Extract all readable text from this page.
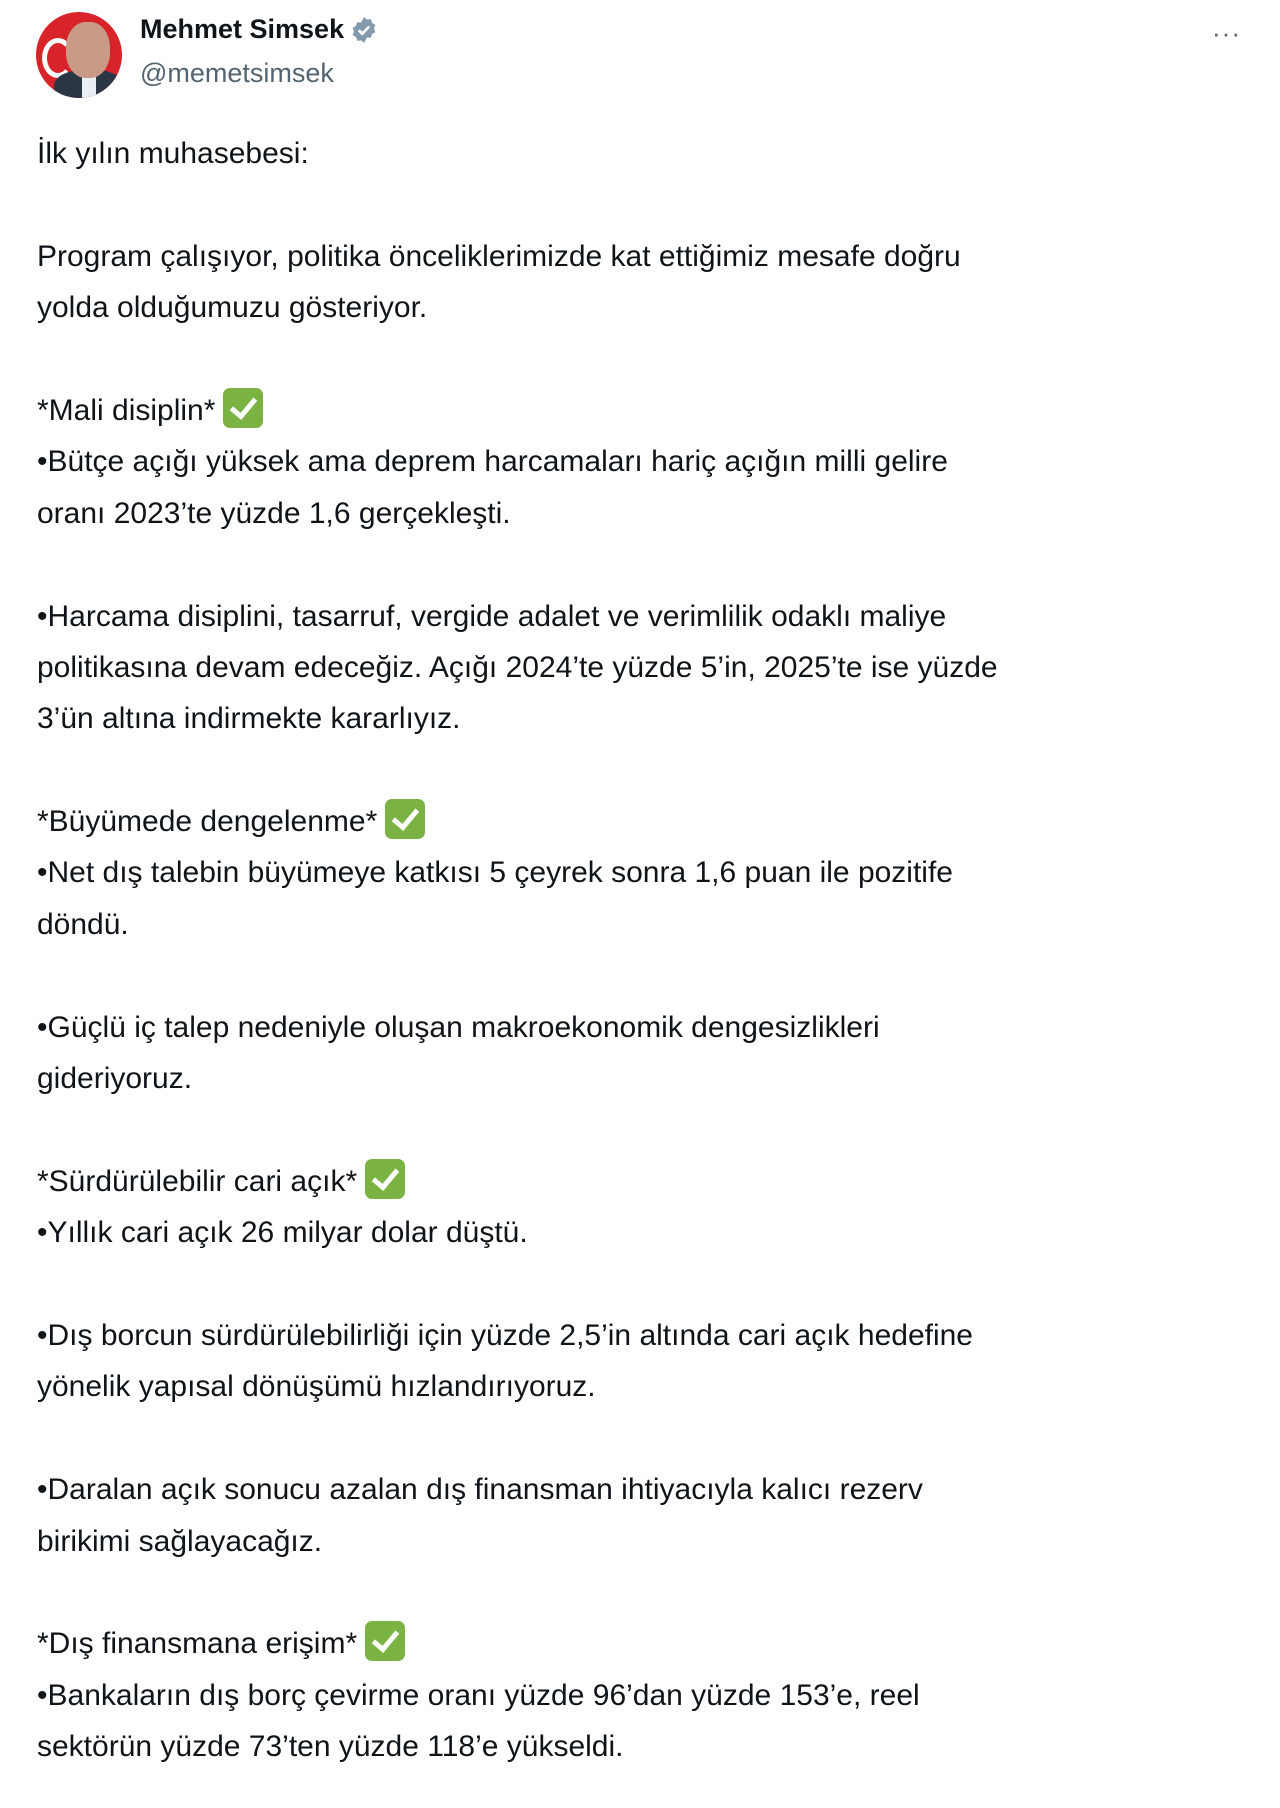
Mehmet Simsek
@memetsimsek
···
İlk yılın muhasebesi:
Program çalışıyor, politika önceliklerimizde kat ettiğimiz mesafe doğru
yolda olduğumuzu gösteriyor.
*Mali disiplin*
•Bütçe açığı yüksek ama deprem harcamaları hariç açığın milli gelire
oranı 2023’te yüzde 1,6 gerçekleşti.
•Harcama disiplini, tasarruf, vergide adalet ve verimlilik odaklı maliye
politikasına devam edeceğiz. Açığı 2024’te yüzde 5’in, 2025’te ise yüzde
3’ün altına indirmekte kararlıyız.
*Büyümede dengelenme*
•Net dış talebin büyümeye katkısı 5 çeyrek sonra 1,6 puan ile pozitife
döndü.
•Güçlü iç talep nedeniyle oluşan makroekonomik dengesizlikleri
gideriyoruz.
*Sürdürülebilir cari açık*
•Yıllık cari açık 26 milyar dolar düştü.
•Dış borcun sürdürülebilirliği için yüzde 2,5’in altında cari açık hedefine
yönelik yapısal dönüşümü hızlandırıyoruz.
•Daralan açık sonucu azalan dış finansman ihtiyacıyla kalıcı rezerv
birikimi sağlayacağız.
*Dış finansmana erişim*
•Bankaların dış borç çevirme oranı yüzde 96’dan yüzde 153’e, reel
sektörün yüzde 73’ten yüzde 118’e yükseldi.
